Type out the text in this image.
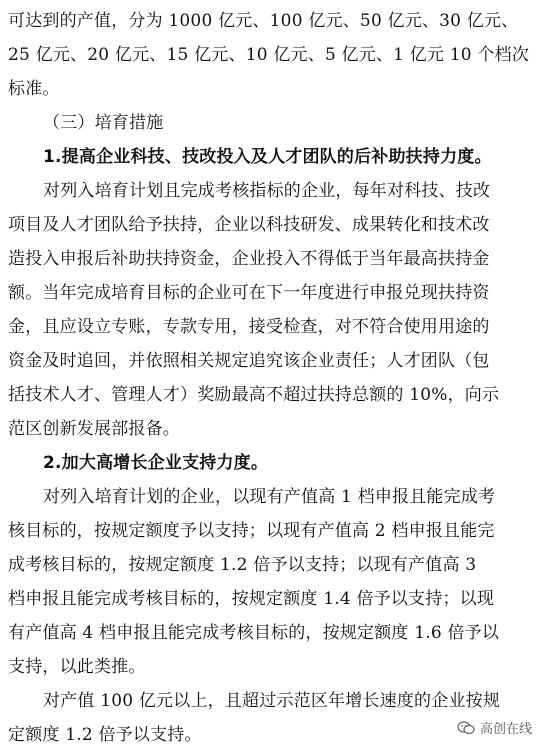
可达到的产值，分为 1000 亿元、100 亿元、50 亿元、30 亿元、
25 亿元、20 亿元、15 亿元、10 亿元、5 亿元、1 亿元 10 个档次
标准。
（三）培育措施
1.提高企业科技、技改投入及人才团队的后补助扶持力度。
对列入培育计划且完成考核指标的企业，每年对科技、技改
项目及人才团队给予扶持，企业以科技研发、成果转化和技术改
造投入申报后补助扶持资金，企业投入不得低于当年最高扶持金
额。当年完成培育目标的企业可在下一年度进行申报兑现扶持资
金，且应设立专账，专款专用，接受检查，对不符合使用用途的
资金及时追回，并依照相关规定追究该企业责任；人才团队（包
括技术人才、管理人才）奖励最高不超过扶持总额的 10%，向示
范区创新发展部报备。
2.加大高增长企业支持力度。
对列入培育计划的企业，以现有产值高 1 档申报且能完成考
核目标的，按规定额度予以支持；以现有产值高 2 档申报且能完
成考核目标的，按规定额度 1.2 倍予以支持；以现有产值高 3
档申报且能完成考核目标的，按规定额度 1.4 倍予以支持；以现
有产值高 4 档申报且能完成考核目标的，按规定额度 1.6 倍予以
支持，以此类推。
对产值 100 亿元以上，且超过示范区年增长速度的企业按规
定额度 1.2 倍予以支持。	高创在线
